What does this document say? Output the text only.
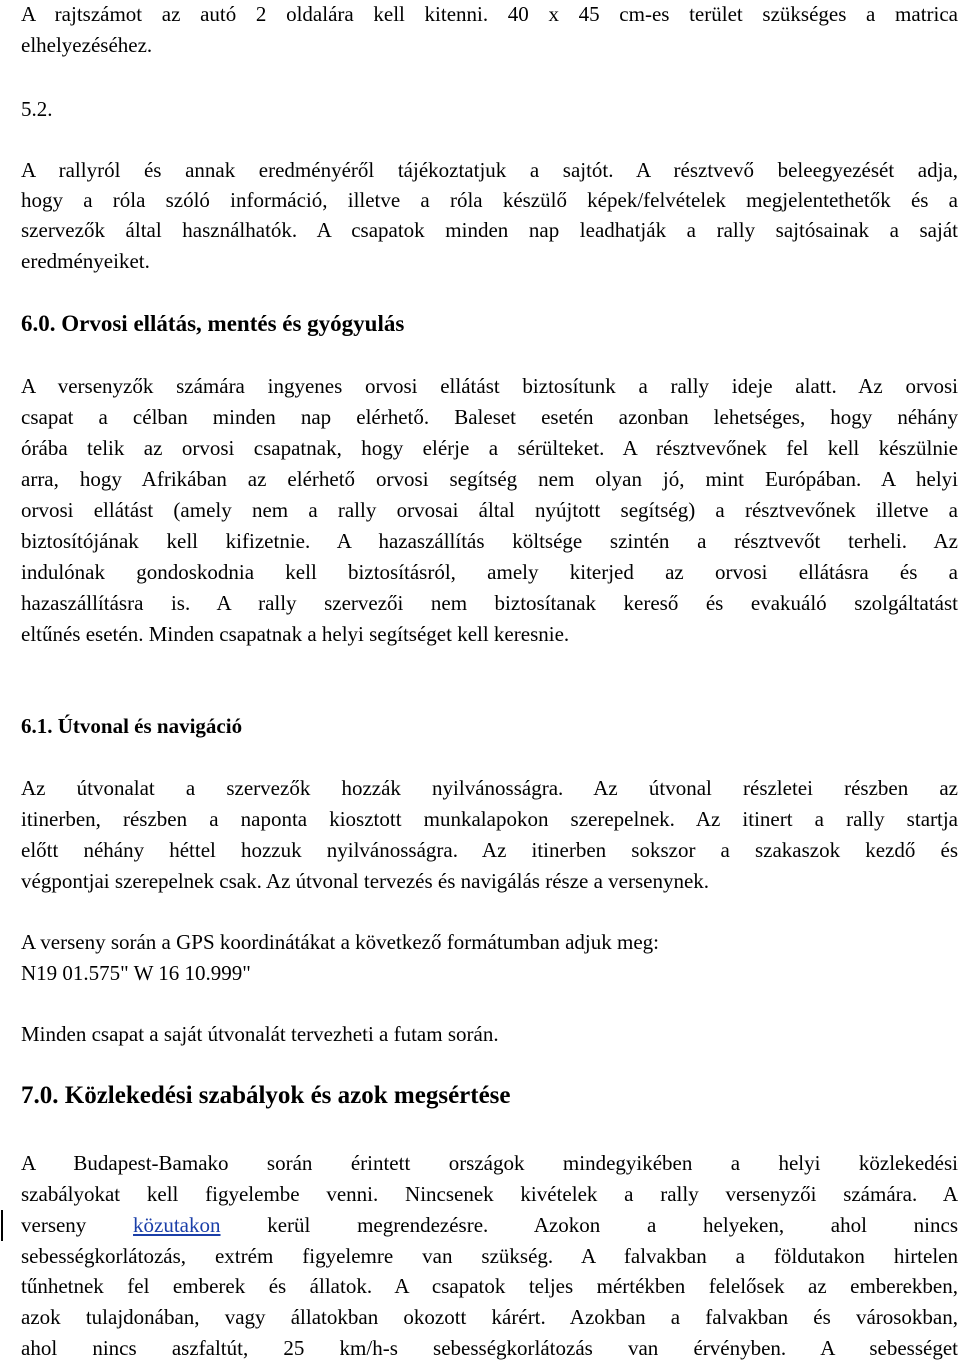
A rajtszámot az autó 2 oldalára kell kitenni. 40 x 45 cm-es terület szükséges a matrica
elhelyezéséhez.
5.2.
A rallyról és annak eredményéről tájékoztatjuk a sajtót. A résztvevő beleegyezését adja,
hogy a róla szóló információ, illetve a róla készülő képek/felvételek megjelentethetők és a
szervezők által használhatók. A csapatok minden nap leadhatják a rally sajtósainak a saját
eredményeiket.
6.0. Orvosi ellátás, mentés és gyógyulás
A versenyzők számára ingyenes orvosi ellátást biztosítunk a rally ideje alatt. Az orvosi
csapat a célban minden nap elérhető. Baleset esetén azonban lehetséges, hogy néhány
órába telik az orvosi csapatnak, hogy elérje a sérülteket. A résztvevőnek fel kell készülnie
arra, hogy Afrikában az elérhető orvosi segítség nem olyan jó, mint Európában. A helyi
orvosi ellátást (amely nem a rally orvosai által nyújtott segítség) a résztvevőnek illetve a
biztosítójának kell kifizetnie. A hazaszállítás költsége szintén a résztvevőt terheli. Az
indulónak gondoskodnia kell biztosításról, amely kiterjed az orvosi ellátásra és a
hazaszállításra is. A rally szervezői nem biztosítanak kereső és evakuáló szolgáltatást
eltűnés esetén. Minden csapatnak a helyi segítséget kell keresnie.
6.1. Útvonal és navigáció
Az útvonalat a szervezők hozzák nyilvánosságra. Az útvonal részletei részben az
itinerben, részben a naponta kiosztott munkalapokon szerepelnek. Az itinert a rally startja
előtt néhány héttel hozzuk nyilvánosságra. Az itinerben sokszor a szakaszok kezdő és
végpontjai szerepelnek csak. Az útvonal tervezés és navigálás része a versenynek.
A verseny során a GPS koordinátákat a következő formátumban adjuk meg:
N19 01.575" W 16 10.999"
Minden csapat a saját útvonalát tervezheti a futam során.
7.0. Közlekedési szabályok és azok megsértése
A Budapest-Bamako során érintett országok mindegyikében a helyi közlekedési
szabályokat kell figyelembe venni. Nincsenek kivételek a rally versenyzői számára. A
verseny közutakon kerül megrendezésre. Azokon a helyeken, ahol nincs
sebességkorlátozás, extrém figyelemre van szükség. A falvakban a földutakon hirtelen
tűnhetnek fel emberek és állatok. A csapatok teljes mértékben felelősek az emberekben,
azok tulajdonában, vagy állatokban okozott kárért. Azokban a falvakban és városokban,
ahol nincs aszfaltút, 25 km/h-s sebességkorlátozás van érvényben. A sebességet
